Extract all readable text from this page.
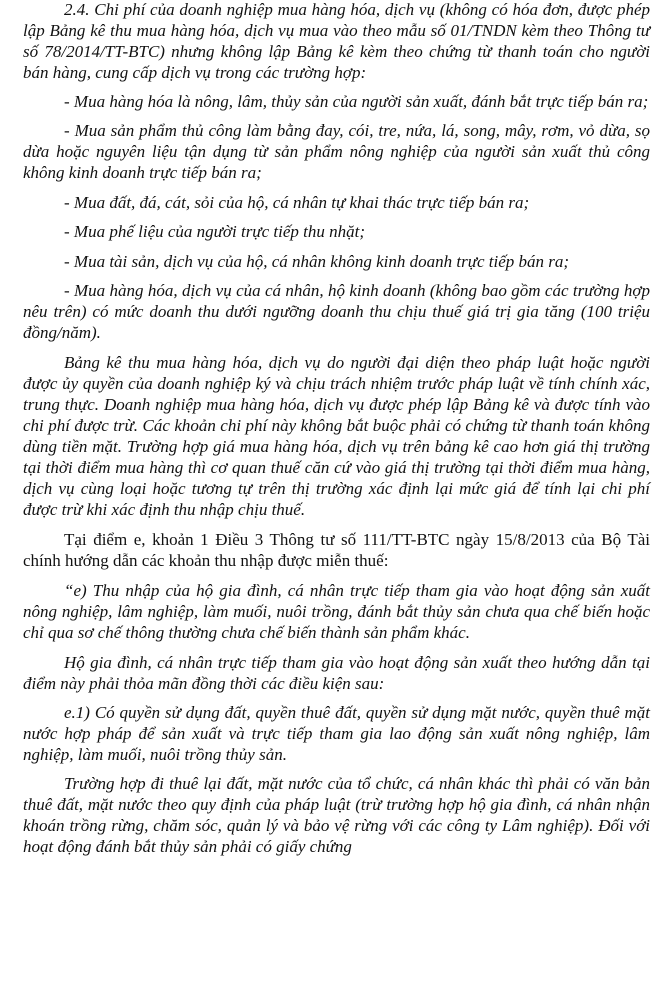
2.4. Chi phí của doanh nghiệp mua hàng hóa, dịch vụ (không có hóa đơn, được phép lập Bảng kê thu mua hàng hóa, dịch vụ mua vào theo mẫu số 01/TNDN kèm theo Thông tư số 78/2014/TT-BTC) nhưng không lập Bảng kê kèm theo chứng từ thanh toán cho người bán hàng, cung cấp dịch vụ trong các trường hợp:

- Mua hàng hóa là nông, lâm, thủy sản của người sản xuất, đánh bắt trực tiếp bán ra;

- Mua sản phẩm thủ công làm bằng đay, cói, tre, nứa, lá, song, mây, rơm, vỏ dừa, sọ dừa hoặc nguyên liệu tận dụng từ sản phẩm nông nghiệp của người sản xuất thủ công không kinh doanh trực tiếp bán ra;

- Mua đất, đá, cát, sỏi của hộ, cá nhân tự khai thác trực tiếp bán ra;

- Mua phế liệu của người trực tiếp thu nhặt;

- Mua tài sản, dịch vụ của hộ, cá nhân không kinh doanh trực tiếp bán ra;

- Mua hàng hóa, dịch vụ của cá nhân, hộ kinh doanh (không bao gồm các trường hợp nêu trên) có mức doanh thu dưới ngưỡng doanh thu chịu thuế giá trị gia tăng (100 triệu đồng/năm).

Bảng kê thu mua hàng hóa, dịch vụ do người đại diện theo pháp luật hoặc người được ủy quyền của doanh nghiệp ký và chịu trách nhiệm trước pháp luật về tính chính xác, trung thực. Doanh nghiệp mua hàng hóa, dịch vụ được phép lập Bảng kê và được tính vào chi phí được trừ. Các khoản chi phí này không bắt buộc phải có chứng từ thanh toán không dùng tiền mặt. Trường hợp giá mua hàng hóa, dịch vụ trên bảng kê cao hơn giá thị trường tại thời điểm mua hàng thì cơ quan thuế căn cứ vào giá thị trường tại thời điểm mua hàng, dịch vụ cùng loại hoặc tương tự trên thị trường xác định lại mức giá để tính lại chi phí được trừ khi xác định thu nhập chịu thuế.

Tại điểm e, khoản 1 Điều 3 Thông tư số 111/TT-BTC ngày 15/8/2013 của Bộ Tài chính hướng dẫn các khoản thu nhập được miễn thuế:

“e) Thu nhập của hộ gia đình, cá nhân trực tiếp tham gia vào hoạt động sản xuất nông nghiệp, lâm nghiệp, làm muối, nuôi trồng, đánh bắt thủy sản chưa qua chế biến hoặc chỉ qua sơ chế thông thường chưa chế biến thành sản phẩm khác.

Hộ gia đình, cá nhân trực tiếp tham gia vào hoạt động sản xuất theo hướng dẫn tại điểm này phải thỏa mãn đồng thời các điều kiện sau:

e.1) Có quyền sử dụng đất, quyền thuê đất, quyền sử dụng mặt nước, quyền thuê mặt nước hợp pháp để sản xuất và trực tiếp tham gia lao động sản xuất nông nghiệp, lâm nghiệp, làm muối, nuôi trồng thủy sản.

Trường hợp đi thuê lại đất, mặt nước của tổ chức, cá nhân khác thì phải có văn bản thuê đất, mặt nước theo quy định của pháp luật (trừ trường hợp hộ gia đình, cá nhân nhận khoán trồng rừng, chăm sóc, quản lý và bảo vệ rừng với các công ty Lâm nghiệp). Đối với hoạt động đánh bắt thủy sản phải có giấy chứng
